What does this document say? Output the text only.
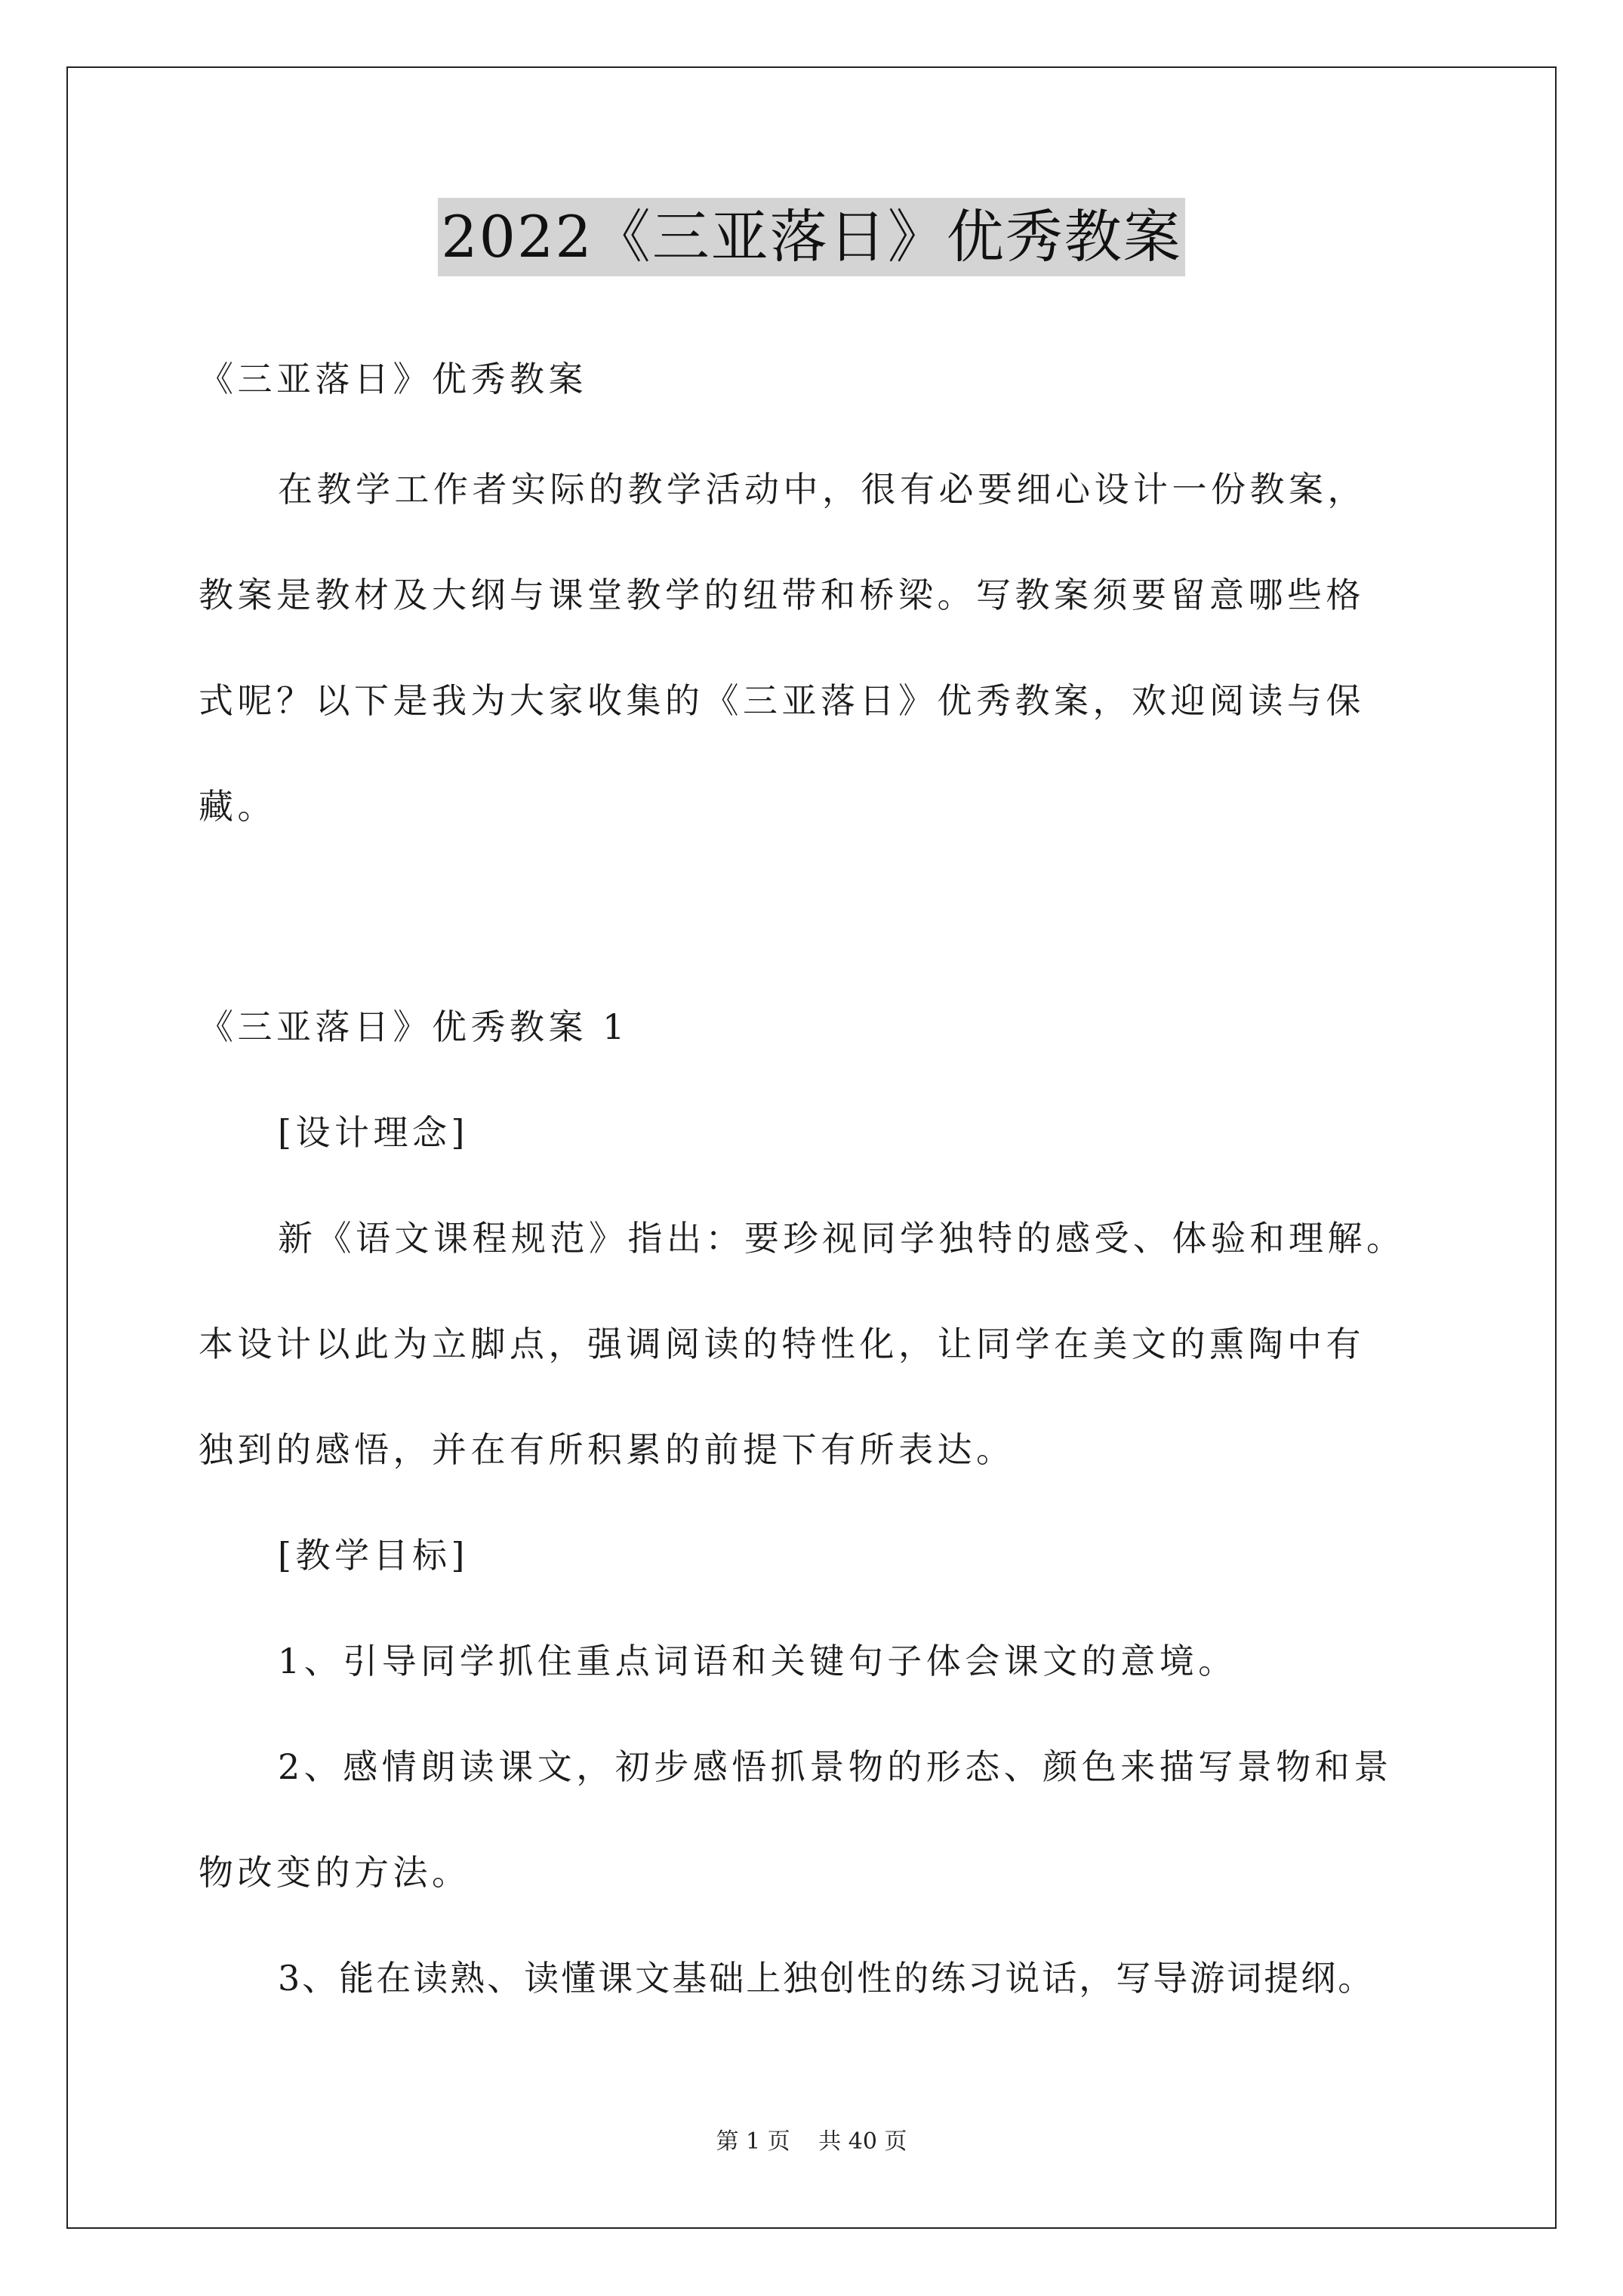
2022《三亚落日》优秀教案
《三亚落日》优秀教案
在教学工作者实际的教学活动中，很有必要细心设计一份教案，
教案是教材及大纲与课堂教学的纽带和桥梁。写教案须要留意哪些格
式呢？以下是我为大家收集的《三亚落日》优秀教案，欢迎阅读与保
藏。
《三亚落日》优秀教案 1
[设计理念]
新《语文课程规范》指出：要珍视同学独特的感受、体验和理解。
本设计以此为立脚点，强调阅读的特性化，让同学在美文的熏陶中有
独到的感悟，并在有所积累的前提下有所表达。
[教学目标]
1、引导同学抓住重点词语和关键句子体会课文的意境。
2、感情朗读课文，初步感悟抓景物的形态、颜色来描写景物和景
物改变的方法。
3、能在读熟、读懂课文基础上独创性的练习说话，写导游词提纲。
第 1 页 共 40 页
